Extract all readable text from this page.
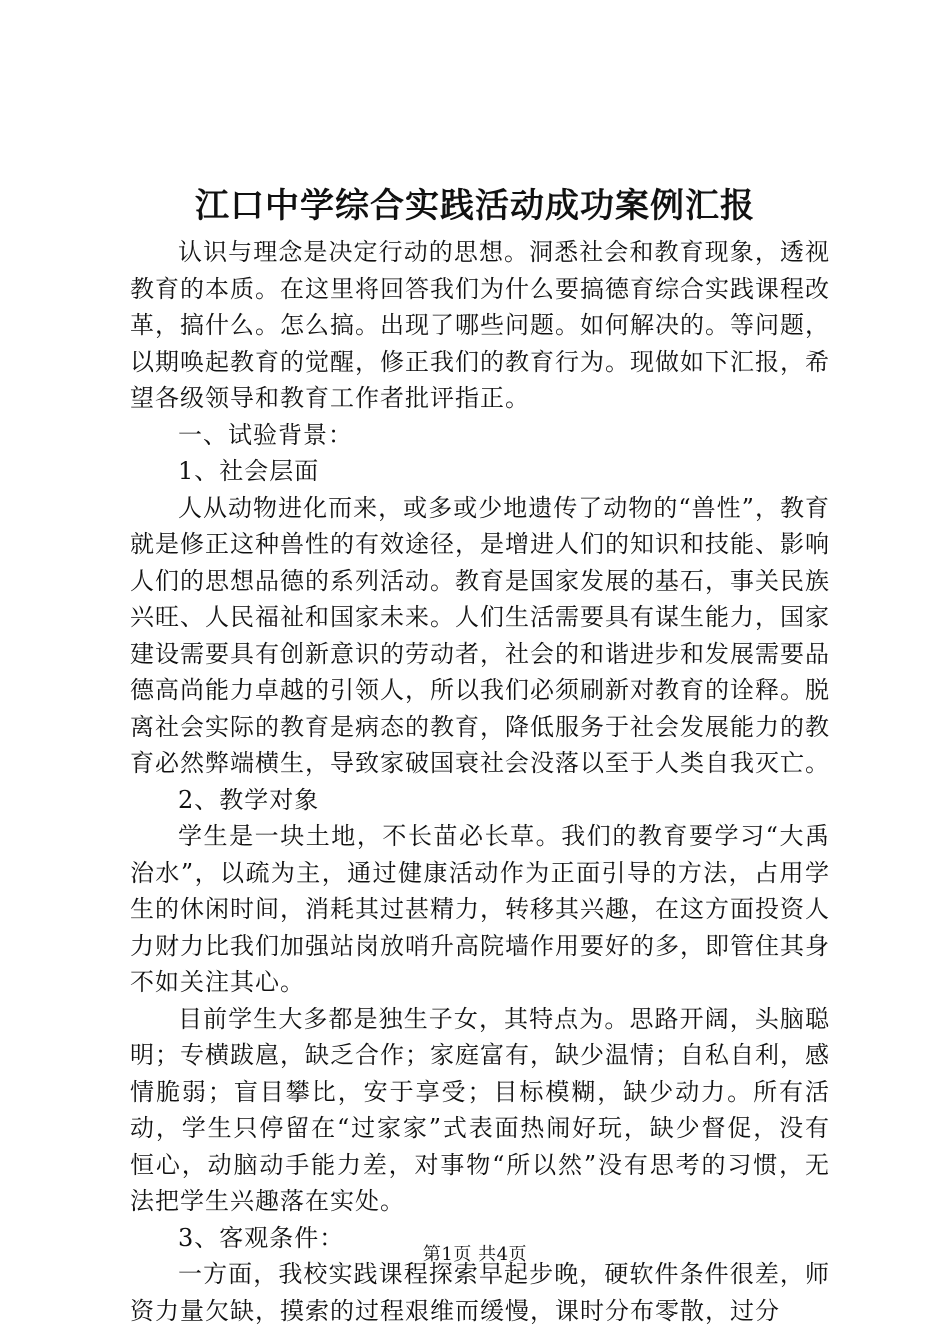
江口中学综合实践活动成功案例汇报

认识与理念是决定行动的思想。洞悉社会和教育现象，透视教育的本质。在这里将回答我们为什么要搞德育综合实践课程改革，搞什么。怎么搞。出现了哪些问题。如何解决的。等问题，以期唤起教育的觉醒，修正我们的教育行为。现做如下汇报，希望各级领导和教育工作者批评指正。

一、试验背景：

1、社会层面

人从动物进化而来，或多或少地遗传了动物的“兽性”，教育就是修正这种兽性的有效途径，是增进人们的知识和技能、影响人们的思想品德的系列活动。教育是国家发展的基石，事关民族兴旺、人民福祉和国家未来。人们生活需要具有谋生能力，国家建设需要具有创新意识的劳动者，社会的和谐进步和发展需要品德高尚能力卓越的引领人，所以我们必须刷新对教育的诠释。脱离社会实际的教育是病态的教育，降低服务于社会发展能力的教育必然弊端横生，导致家破国衰社会没落以至于人类自我灭亡。

2、教学对象

学生是一块土地，不长苗必长草。我们的教育要学习“大禹治水”，以疏为主，通过健康活动作为正面引导的方法，占用学生的休闲时间，消耗其过甚精力，转移其兴趣，在这方面投资人力财力比我们加强站岗放哨升高院墙作用要好的多，即管住其身不如关注其心。

目前学生大多都是独生子女，其特点为。思路开阔，头脑聪明；专横跋扈，缺乏合作；家庭富有，缺少温情；自私自利，感情脆弱；盲目攀比，安于享受；目标模糊，缺少动力。所有活动，学生只停留在“过家家”式表面热闹好玩，缺少督促，没有恒心，动脑动手能力差，对事物“所以然”没有思考的习惯，无法把学生兴趣落在实处。

3、客观条件：

一方面，我校实践课程探索早起步晚，硬软件条件很差，师资力量欠缺，摸索的过程艰维而缓慢，课时分布零散，过分

第1页 共4页
